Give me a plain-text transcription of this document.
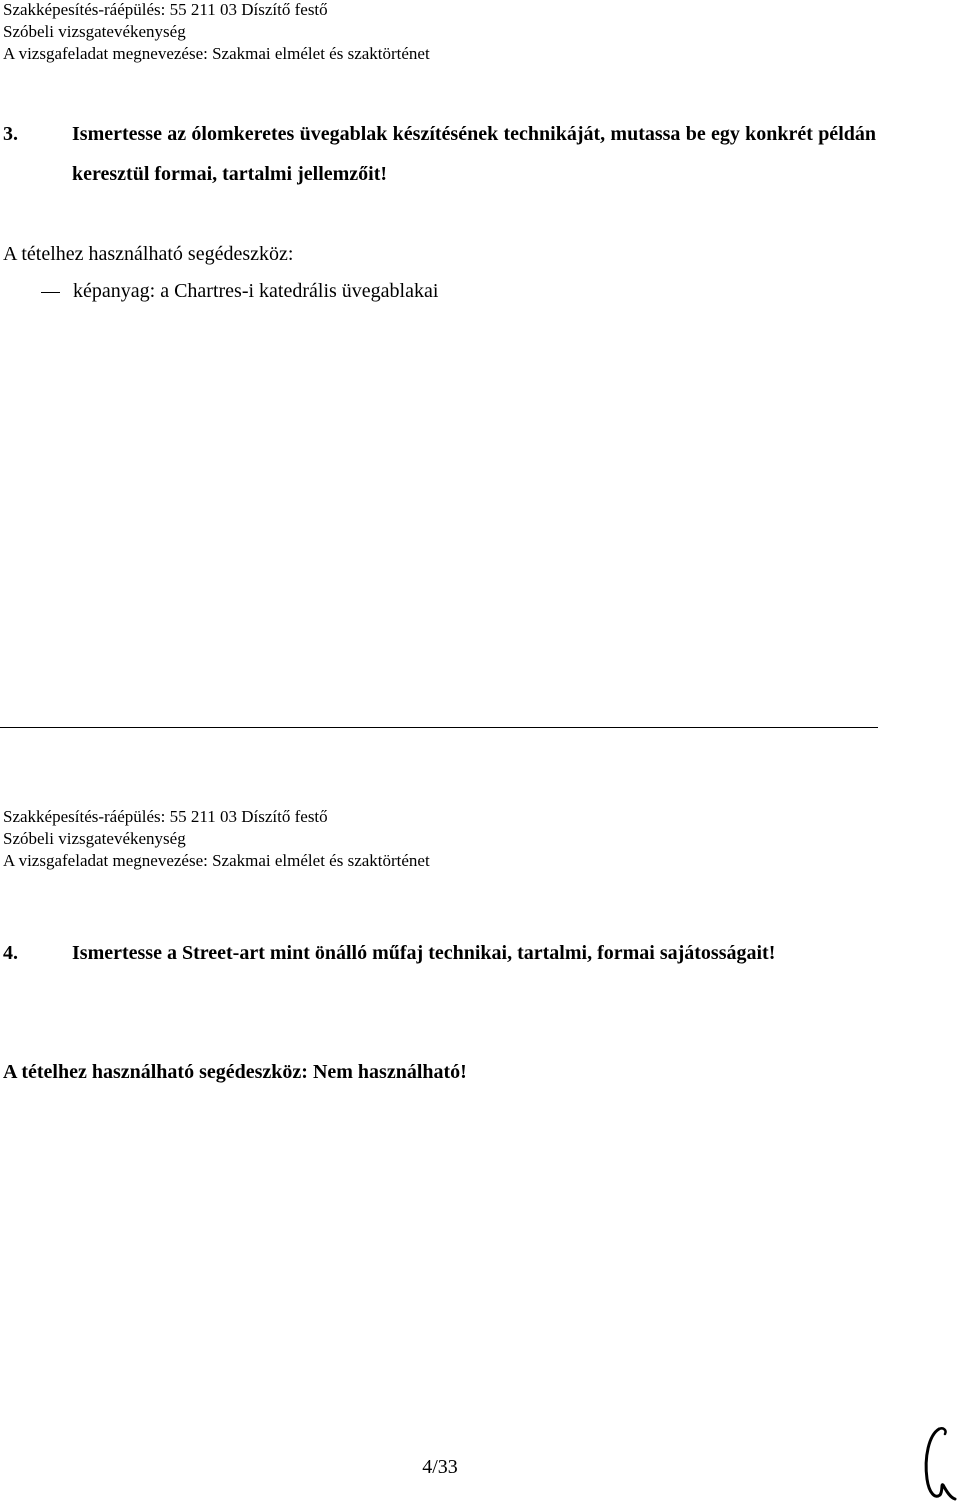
Szakképesítés-ráépülés: 55 211 03 Díszítő festő
Szóbeli vizsgatevékenység
A vizsgafeladat megnevezése: Szakmai elmélet és szaktörténet
3.	Ismertesse az ólomkeretes üvegablak készítésének technikáját, mutassa be egy konkrét példán keresztül formai, tartalmi jellemzőit!
A tételhez használható segédeszköz:
képanyag: a Chartres-i katedrális üvegablakai
Szakképesítés-ráépülés: 55 211 03 Díszítő festő
Szóbeli vizsgatevékenység
A vizsgafeladat megnevezése: Szakmai elmélet és szaktörténet
4.	Ismertesse a Street-art mint önálló műfaj technikai, tartalmi, formai sajátosságait!
A tételhez használható segédeszköz: Nem használható!
4/33
